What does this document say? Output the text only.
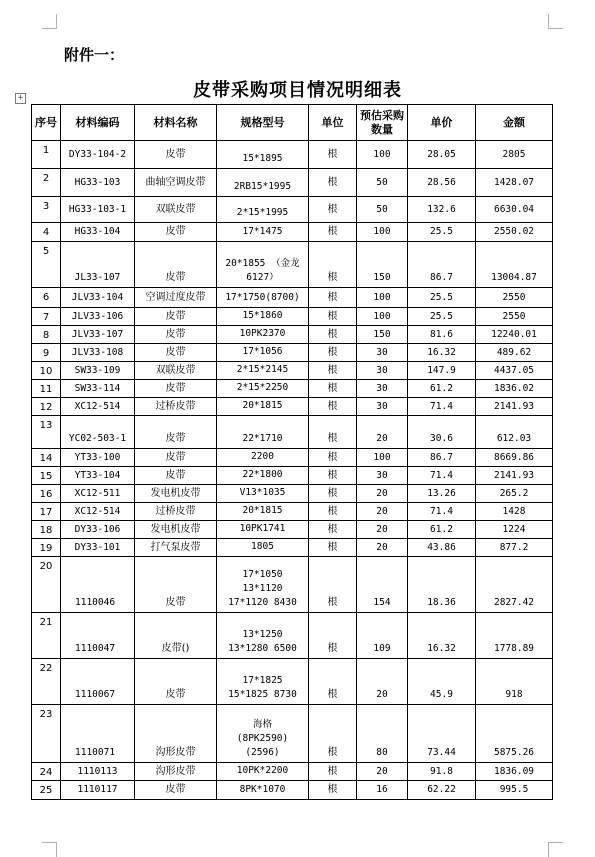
附件一：
皮带采购项目情况明细表
+
序号	材料编码	材料名称	规格型号	单位	预估采购数量	单价	金额
1	DY33-104-2	皮带	15*1895	根	100	28.05	2805
2	HG33-103	曲轴空调皮带	2RB15*1995	根	50	28.56	1428.07
3	HG33-103-1	双联皮带	2*15*1995	根	50	132.6	6630.04
4	HG33-104	皮带	17*1475	根	100	25.5	2550.02
5	JL33-107	皮带	20*1855 （金龙
6127）	根	150	86.7	13004.87
6	JLV33-104	空调过度皮带	17*1750(8700)	根	100	25.5	2550
7	JLV33-106	皮带	15*1860	根	100	25.5	2550
8	JLV33-107	皮带	10PK2370	根	150	81.6	12240.01
9	JLV33-108	皮带	17*1056	根	30	16.32	489.62
10	SW33-109	双联皮带	2*15*2145	根	30	147.9	4437.05
11	SW33-114	皮带	2*15*2250	根	30	61.2	1836.02
12	XC12-514	过桥皮带	20*1815	根	30	71.4	2141.93
13	YC02-503-1	皮带	22*1710	根	20	30.6	612.03
14	YT33-100	皮带	2200	根	100	86.7	8669.86
15	YT33-104	皮带	22*1800	根	30	71.4	2141.93
16	XC12-511	发电机皮带	V13*1035	根	20	13.26	265.2
17	XC12-514	过桥皮带	20*1815	根	20	71.4	1428
18	DY33-106	发电机皮带	10PK1741	根	20	61.2	1224
19	DY33-101	打气泵皮带	1805	根	20	43.86	877.2
20	1110046	皮带	17*1050
13*1120
17*1120 8430	根	154	18.36	2827.42
21	1110047	皮带()	13*1250
13*1280 6500	根	109	16.32	1778.89
22	1110067	皮带	17*1825
15*1825 8730	根	20	45.9	918
23	1110071	沟形皮带	海格
(8PK2590)
(2596)	根	80	73.44	5875.26
24	1110113	沟形皮带	10PK*2200	根	20	91.8	1836.09
25	1110117	皮带	8PK*1070	根	16	62.22	995.5
